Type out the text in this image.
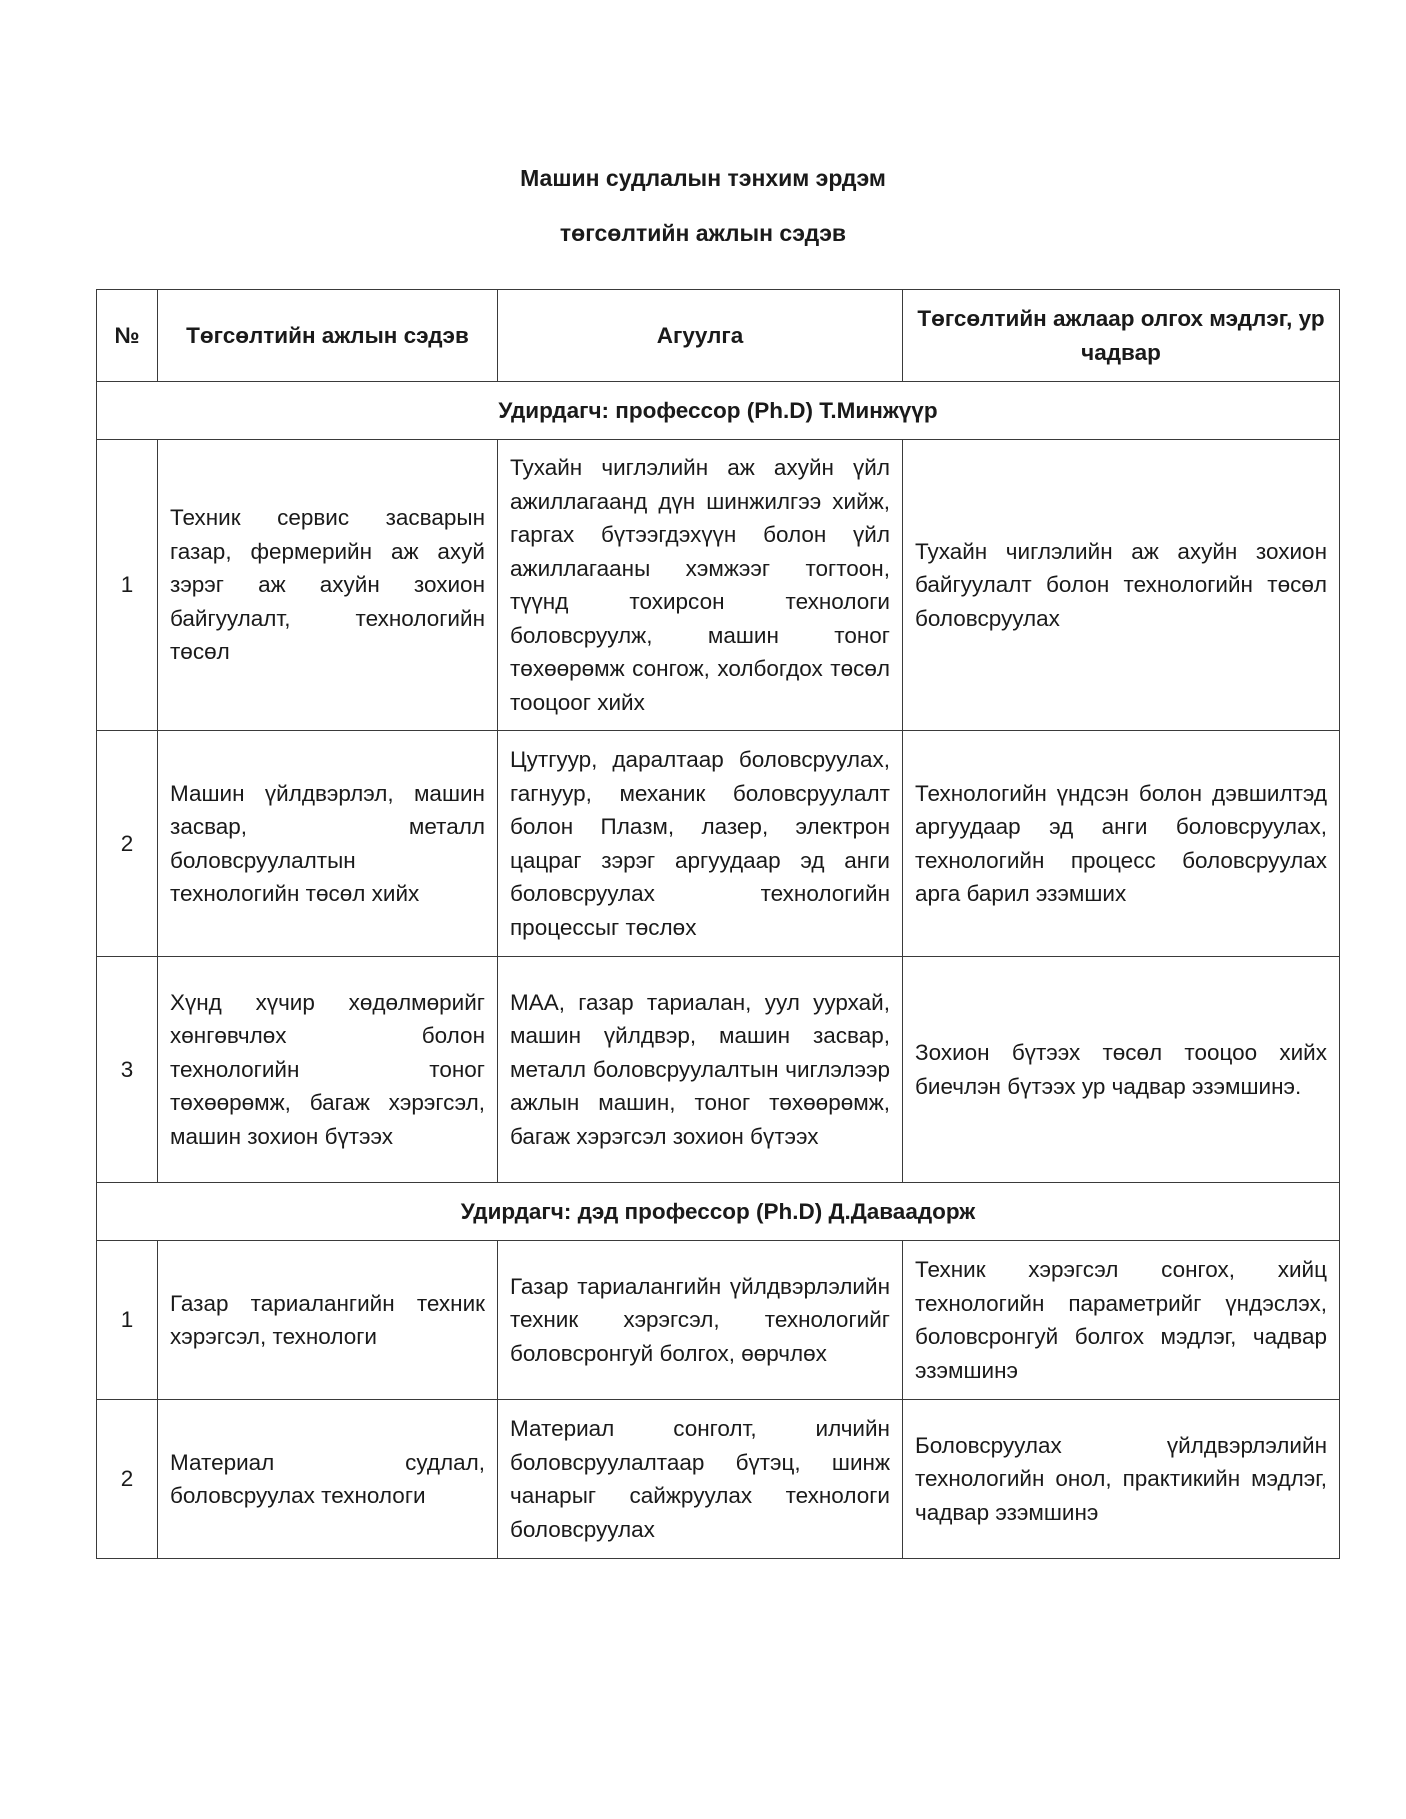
Машин судлалын тэнхим эрдэм
төгсөлтийн ажлын сэдэв
№	Төгсөлтийн ажлын сэдэв	Агуулга	Төгсөлтийн ажлаар олгох мэдлэг, ур чадвар
Удирдагч: профессор (Ph.D) Т.Минжүүр			
1	Техник сервис засварын газар, фермерийн аж ахуй зэрэг аж ахуйн зохион байгуулалт, технологийн төсөл	Тухайн чиглэлийн аж ахуйн үйл ажиллагаанд дүн шинжилгээ хийж, гаргах бүтээгдэхүүн болон үйл ажиллагааны хэмжээг тогтоон, түүнд тохирсон технологи боловсруулж, машин тоног төхөөрөмж сонгож, холбогдох төсөл тооцоог хийх	Тухайн чиглэлийн аж ахуйн зохион байгуулалт болон технологийн төсөл боловсруулах
2	Машин үйлдвэрлэл, машин засвар, металл боловсруулалтын технологийн төсөл хийх	Цутгуур, даралтаар боловсруулах, гагнуур, механик боловсруулалт болон Плазм, лазер, электрон цацраг зэрэг аргуудаар эд анги боловсруулах технологийн процессыг төслөх	Технологийн үндсэн болон дэвшилтэд аргуудаар эд анги боловсруулах, технологийн процесс боловсруулах арга барил эзэмших
3	Хүнд хүчир хөдөлмөрийг хөнгөвчлөх болон технологийн тоног төхөөрөмж, багаж хэрэгсэл, машин зохион бүтээх	МАА, газар тариалан, уул уурхай, машин үйлдвэр, машин засвар, металл боловсруулалтын чиглэлээр ажлын машин, тоног төхөөрөмж, багаж хэрэгсэл зохион бүтээх	Зохион бүтээх төсөл тооцоо хийх биечлэн бүтээх ур чадвар эзэмшинэ.
Удирдагч: дэд профессор (Ph.D) Д.Даваадорж			
1	Газар тариалангийн техник хэрэгсэл, технологи	Газар тариалангийн үйлдвэрлэлийн техник хэрэгсэл, технологийг боловсронгуй болгох, өөрчлөх	Техник хэрэгсэл сонгох, хийц технологийн параметрийг үндэслэх, боловсронгуй болгох мэдлэг, чадвар эзэмшинэ
2	Материал судлал, боловсруулах технологи	Материал сонголт, илчийн боловсруулалтаар бүтэц, шинж чанарыг сайжруулах технологи боловсруулах	Боловсруулах үйлдвэрлэлийн технологийн онол, практикийн мэдлэг, чадвар эзэмшинэ
